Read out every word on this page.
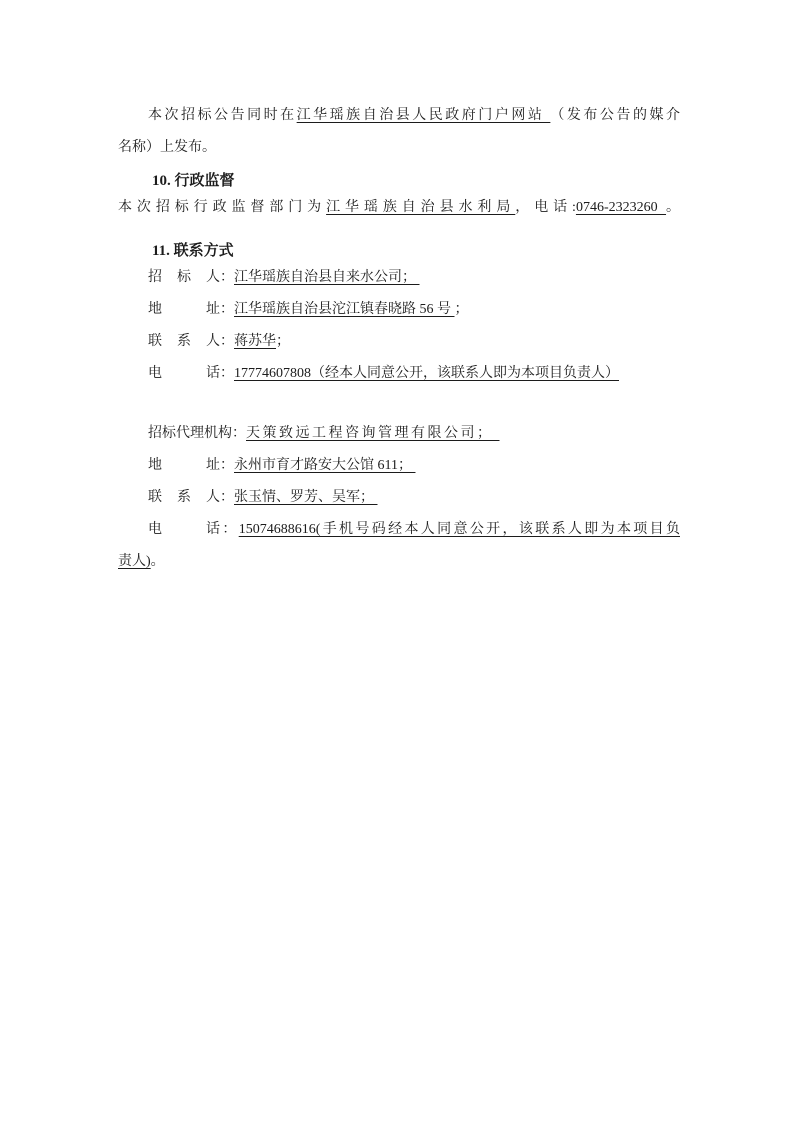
本次招标公告同时在江华瑶族自治县人民政府门户网站 （发布公告的媒介
名称）上发布。
10. 行政监督
本次招标行政监督部门为江华瑶族自治县水利局，电话:0746-2323260 。
11. 联系方式
招标人：江华瑶族自治县自来水公司；
地址：江华瑶族自治县沱江镇春晓路 56 号 ；
联系人：蒋苏华；
电话：17774607808（经本人同意公开，该联系人即为本项目负责人）
招标代理机构：天策致远工程咨询管理有限公司；
地址：永州市育才路安大公馆 611；
联系人：张玉情、罗芳、吴军；
电话：15074688616(手机号码经本人同意公开，该联系人即为本项目负
责人)。
